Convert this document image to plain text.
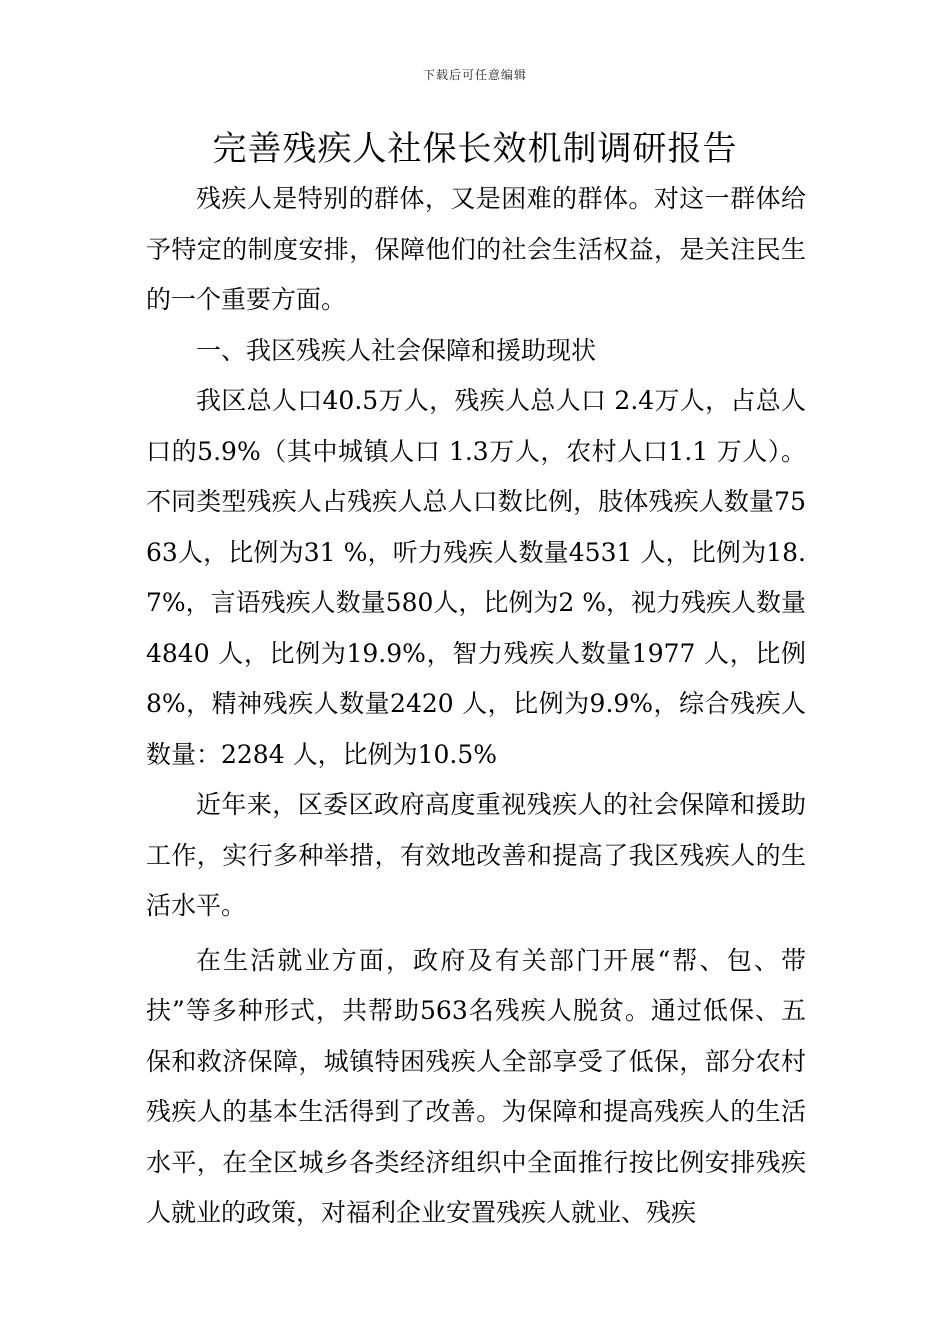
下载后可任意编辑
完善残疾人社保长效机制调研报告

残疾人是特别的群体，又是困难的群体。对这一群体给予特定的制度安排，保障他们的社会生活权益，是关注民生的一个重要方面。

一、我区残疾人社会保障和援助现状

我区总人口40.5万人，残疾人总人口 2.4万人，占总人口的5.9%（其中城镇人口 1.3万人，农村人口1.1 万人）。不同类型残疾人占残疾人总人口数比例，肢体残疾人数量7563人，比例为31 %，听力残疾人数量4531 人，比例为18.7%，言语残疾人数量580人，比例为2 %，视力残疾人数量4840 人，比例为19.9%，智力残疾人数量1977 人，比例8%，精神残疾人数量2420 人，比例为9.9%，综合残疾人数量：2284 人，比例为10.5%

近年来，区委区政府高度重视残疾人的社会保障和援助工作，实行多种举措，有效地改善和提高了我区残疾人的生活水平。

在生活就业方面，政府及有关部门开展“帮、包、带扶”等多种形式，共帮助563名残疾人脱贫。通过低保、五保和救济保障，城镇特困残疾人全部享受了低保，部分农村残疾人的基本生活得到了改善。为保障和提高残疾人的生活水平，在全区城乡各类经济组织中全面推行按比例安排残疾人就业的政策，对福利企业安置残疾人就业、残疾
